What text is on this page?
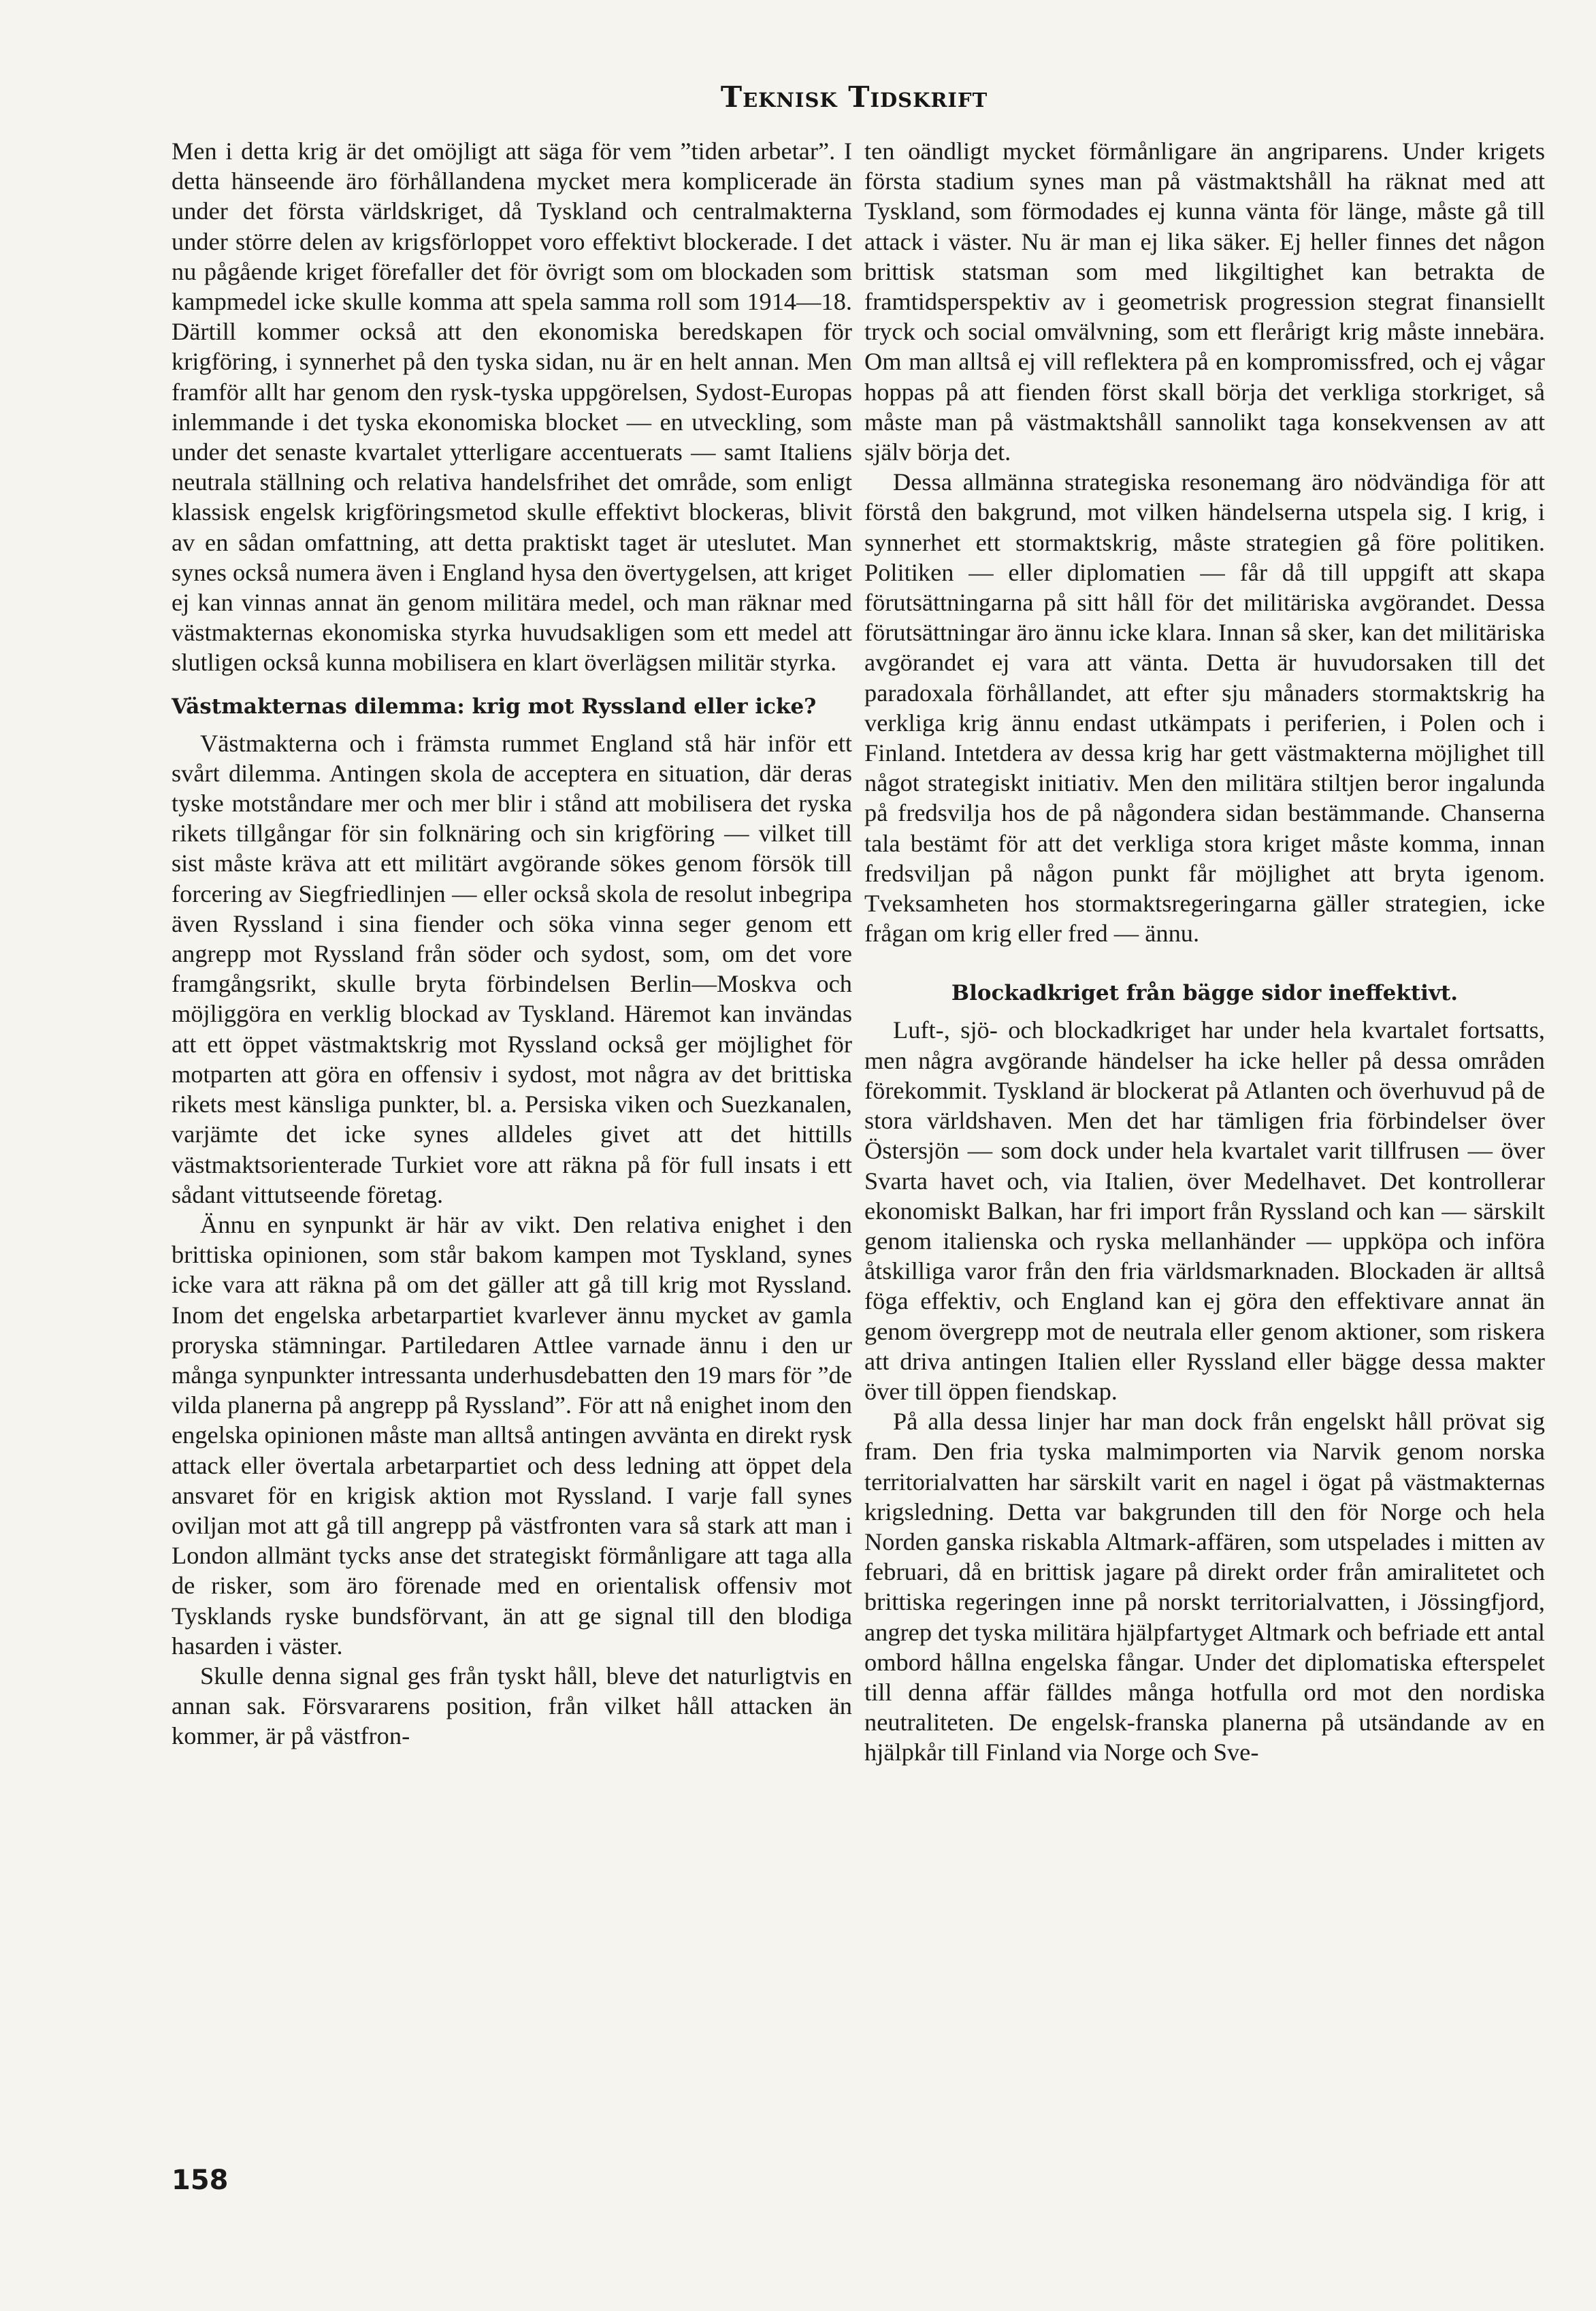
Teknisk Tidskrift

Men i detta krig är det omöjligt att säga för vem ”tiden arbetar”. I detta hänseende äro förhållandena mycket mera komplicerade än under det första världskriget, då Tyskland och centralmakterna under större delen av krigsförloppet voro effektivt blockerade. I det nu pågående kriget förefaller det för övrigt som om blockaden som kampmedel icke skulle komma att spela samma roll som 1914—18. Därtill kommer också att den ekonomiska beredskapen för krigföring, i synnerhet på den tyska sidan, nu är en helt annan. Men framför allt har genom den rysk-tyska uppgörelsen, Sydost-Europas inlemmande i det tyska ekonomiska blocket — en utveckling, som under det senaste kvartalet ytterligare accentuerats — samt Italiens neutrala ställning och relativa handelsfrihet det område, som enligt klassisk engelsk krigföringsmetod skulle effektivt blockeras, blivit av en sådan omfattning, att detta praktiskt taget är uteslutet. Man synes också numera även i England hysa den övertygelsen, att kriget ej kan vinnas annat än genom militära medel, och man räknar med västmakternas ekonomiska styrka huvudsakligen som ett medel att slutligen också kunna mobilisera en klart överlägsen militär styrka.

Västmakternas dilemma: krig mot Ryssland eller icke?

Västmakterna och i främsta rummet England stå här inför ett svårt dilemma. Antingen skola de acceptera en situation, där deras tyske motståndare mer och mer blir i stånd att mobilisera det ryska rikets tillgångar för sin folknäring och sin krigföring — vilket till sist måste kräva att ett militärt avgörande sökes genom försök till forcering av Siegfriedlinjen — eller också skola de resolut inbegripa även Ryssland i sina fiender och söka vinna seger genom ett angrepp mot Ryssland från söder och sydost, som, om det vore framgångsrikt, skulle bryta förbindelsen Berlin—Moskva och möjliggöra en verklig blockad av Tyskland. Häremot kan invändas att ett öppet västmaktskrig mot Ryssland också ger möjlighet för motparten att göra en offensiv i sydost, mot några av det brittiska rikets mest känsliga punkter, bl. a. Persiska viken och Suezkanalen, varjämte det icke synes alldeles givet att det hittills västmaktsorienterade Turkiet vore att räkna på för full insats i ett sådant vittutseende företag.

Ännu en synpunkt är här av vikt. Den relativa enighet i den brittiska opinionen, som står bakom kampen mot Tyskland, synes icke vara att räkna på om det gäller att gå till krig mot Ryssland. Inom det engelska arbetarpartiet kvarlever ännu mycket av gamla proryska stämningar. Partiledaren Attlee varnade ännu i den ur många synpunkter intressanta underhusdebatten den 19 mars för ”de vilda planerna på angrepp på Ryssland”. För att nå enighet inom den engelska opinionen måste man alltså antingen avvänta en direkt rysk attack eller övertala arbetarpartiet och dess ledning att öppet dela ansvaret för en krigisk aktion mot Ryssland. I varje fall synes oviljan mot att gå till angrepp på västfronten vara så stark att man i London allmänt tycks anse det strategiskt förmånligare att taga alla de risker, som äro förenade med en orientalisk offensiv mot Tysklands ryske bundsförvant, än att ge signal till den blodiga hasarden i väster.

Skulle denna signal ges från tyskt håll, bleve det naturligtvis en annan sak. Försvararens position, från vilket håll attacken än kommer, är på västfron-

ten oändligt mycket förmånligare än angriparens. Under krigets första stadium synes man på västmaktshåll ha räknat med att Tyskland, som förmodades ej kunna vänta för länge, måste gå till attack i väster. Nu är man ej lika säker. Ej heller finnes det någon brittisk statsman som med likgiltighet kan betrakta de framtidsperspektiv av i geometrisk progression stegrat finansiellt tryck och social omvälvning, som ett flerårigt krig måste innebära. Om man alltså ej vill reflektera på en kompromissfred, och ej vågar hoppas på att fienden först skall börja det verkliga storkriget, så måste man på västmaktshåll sannolikt taga konsekvensen av att själv börja det.

Dessa allmänna strategiska resonemang äro nödvändiga för att förstå den bakgrund, mot vilken händelserna utspela sig. I krig, i synnerhet ett stormaktskrig, måste strategien gå före politiken. Politiken — eller diplomatien — får då till uppgift att skapa förutsättningarna på sitt håll för det militäriska avgörandet. Dessa förutsättningar äro ännu icke klara. Innan så sker, kan det militäriska avgörandet ej vara att vänta. Detta är huvudorsaken till det paradoxala förhållandet, att efter sju månaders stormaktskrig ha verkliga krig ännu endast utkämpats i periferien, i Polen och i Finland. Intetdera av dessa krig har gett västmakterna möjlighet till något strategiskt initiativ. Men den militära stiltjen beror ingalunda på fredsvilja hos de på någondera sidan bestämmande. Chanserna tala bestämt för att det verkliga stora kriget måste komma, innan fredsviljan på någon punkt får möjlighet att bryta igenom. Tveksamheten hos stormaktsregeringarna gäller strategien, icke frågan om krig eller fred — ännu.

Blockadkriget från bägge sidor ineffektivt.

Luft-, sjö- och blockadkriget har under hela kvartalet fortsatts, men några avgörande händelser ha icke heller på dessa områden förekommit. Tyskland är blockerat på Atlanten och överhuvud på de stora världshaven. Men det har tämligen fria förbindelser över Östersjön — som dock under hela kvartalet varit tillfrusen — över Svarta havet och, via Italien, över Medelhavet. Det kontrollerar ekonomiskt Balkan, har fri import från Ryssland och kan — särskilt genom italienska och ryska mellanhänder — uppköpa och införa åtskilliga varor från den fria världsmarknaden. Blockaden är alltså föga effektiv, och England kan ej göra den effektivare annat än genom övergrepp mot de neutrala eller genom aktioner, som riskera att driva antingen Italien eller Ryssland eller bägge dessa makter över till öppen fiendskap.

På alla dessa linjer har man dock från engelskt håll prövat sig fram. Den fria tyska malmimporten via Narvik genom norska territorialvatten har särskilt varit en nagel i ögat på västmakternas krigsledning. Detta var bakgrunden till den för Norge och hela Norden ganska riskabla Altmark-affären, som utspelades i mitten av februari, då en brittisk jagare på direkt order från amiralitetet och brittiska regeringen inne på norskt territorialvatten, i Jössingfjord, angrep det tyska militära hjälpfartyget Altmark och befriade ett antal ombord hållna engelska fångar. Under det diplomatiska efterspelet till denna affär fälldes många hotfulla ord mot den nordiska neutraliteten. De engelsk-franska planerna på utsändande av en hjälpkår till Finland via Norge och Sve-

158
